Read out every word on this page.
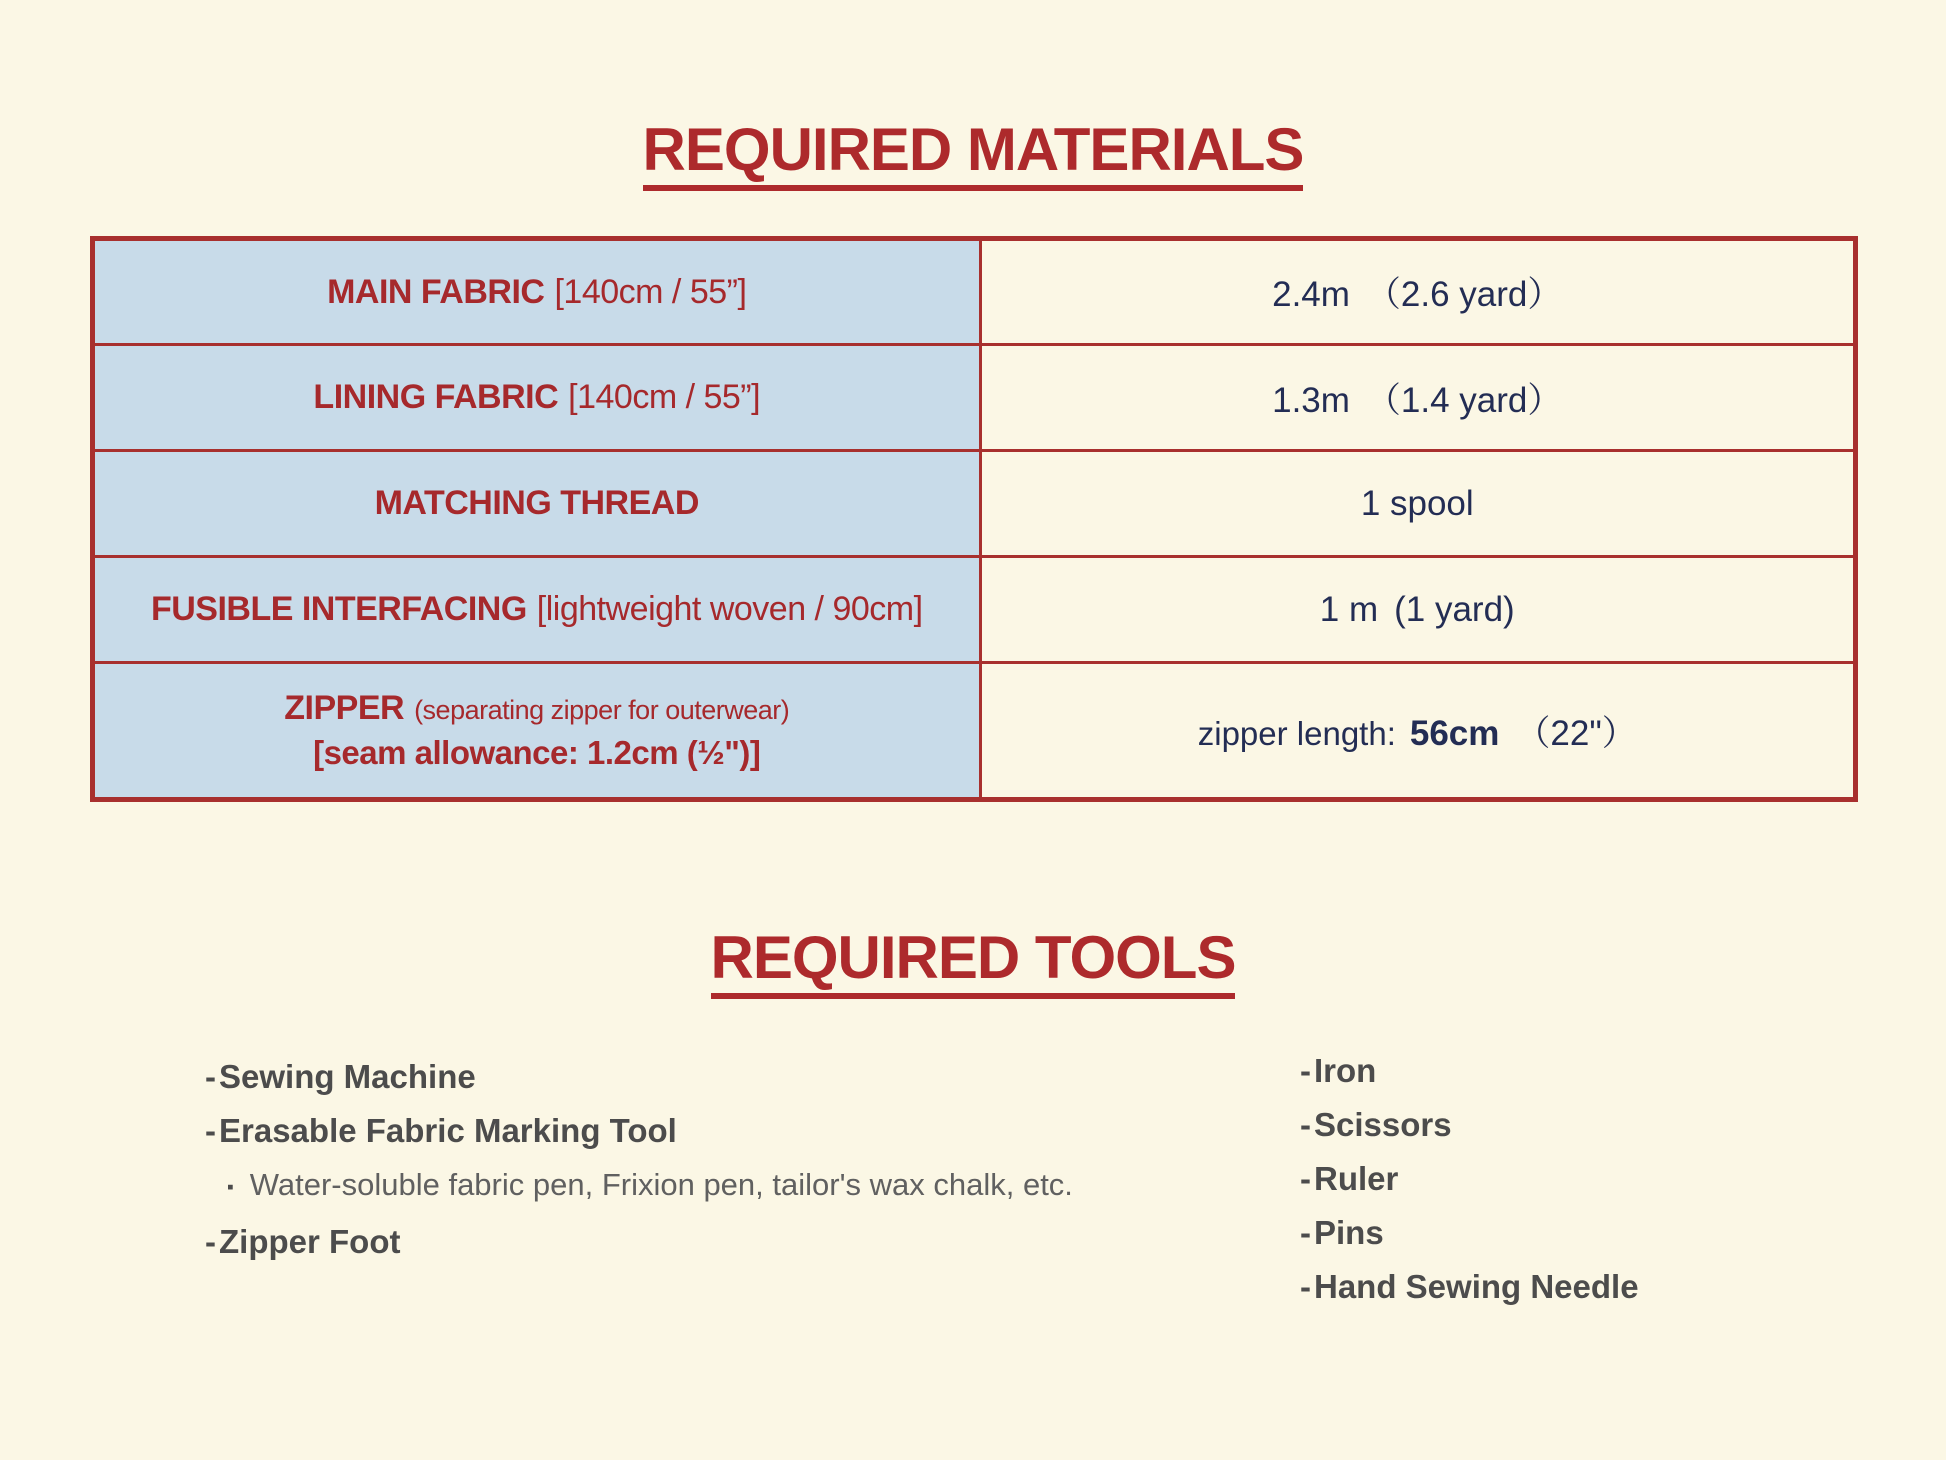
REQUIRED MATERIALS
MAIN FABRIC [140cm / 55”]	2.4m （2.6 yard）
LINING FABRIC [140cm / 55”]	1.3m （1.4 yard）
MATCHING THREAD	1 spool
FUSIBLE INTERFACING [lightweight woven / 90cm]	1 m (1 yard)

ZIPPER (separating zipper for outerwear)
[seam allowance: 1.2cm (½")]	zipper length: 56cm （22"）
REQUIRED TOOLS
-Sewing Machine
-Erasable Fabric Marking Tool
▪ Water-soluble fabric pen, Frixion pen, tailor's wax chalk, etc.
-Zipper Foot
-Iron
-Scissors
-Ruler
-Pins
-Hand Sewing Needle
